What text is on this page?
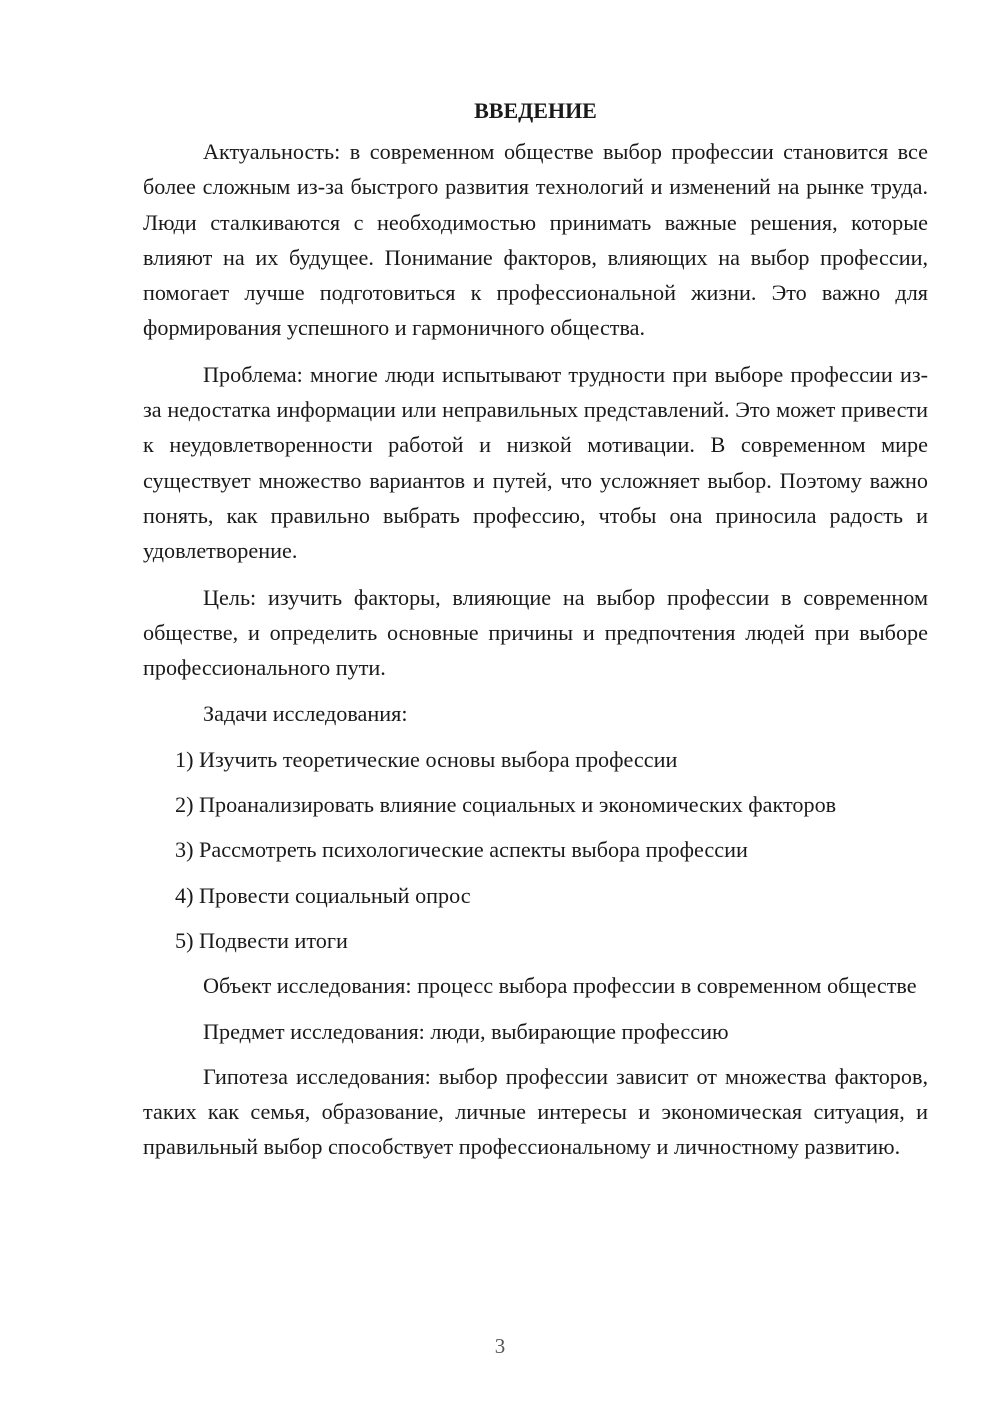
ВВЕДЕНИЕ

Актуальность: в современном обществе выбор профессии становится все более сложным из-за быстрого развития технологий и изменений на рынке труда. Люди сталкиваются с необходимостью принимать важные решения, которые влияют на их будущее. Понимание факторов, влияющих на выбор профессии, помогает лучше подготовиться к профессиональной жизни. Это важно для формирования успешного и гармоничного общества.

Проблема: многие люди испытывают трудности при выборе профессии из-за недостатка информации или неправильных представлений. Это может привести к неудовлетворенности работой и низкой мотивации. В современном мире существует множество вариантов и путей, что усложняет выбор. Поэтому важно понять, как правильно выбрать профессию, чтобы она приносила радость и удовлетворение.

Цель: изучить факторы, влияющие на выбор профессии в современном обществе, и определить основные причины и предпочтения людей при выборе профессионального пути.

Задачи исследования:

1) Изучить теоретические основы выбора профессии
2) Проанализировать влияние социальных и экономических факторов
3) Рассмотреть психологические аспекты выбора профессии
4) Провести социальный опрос
5) Подвести итоги

Объект исследования: процесс выбора профессии в современном обществе

Предмет исследования: люди, выбирающие профессию

Гипотеза исследования: выбор профессии зависит от множества факторов, таких как семья, образование, личные интересы и экономическая ситуация, и правильный выбор способствует профессиональному и личностному развитию.

3
